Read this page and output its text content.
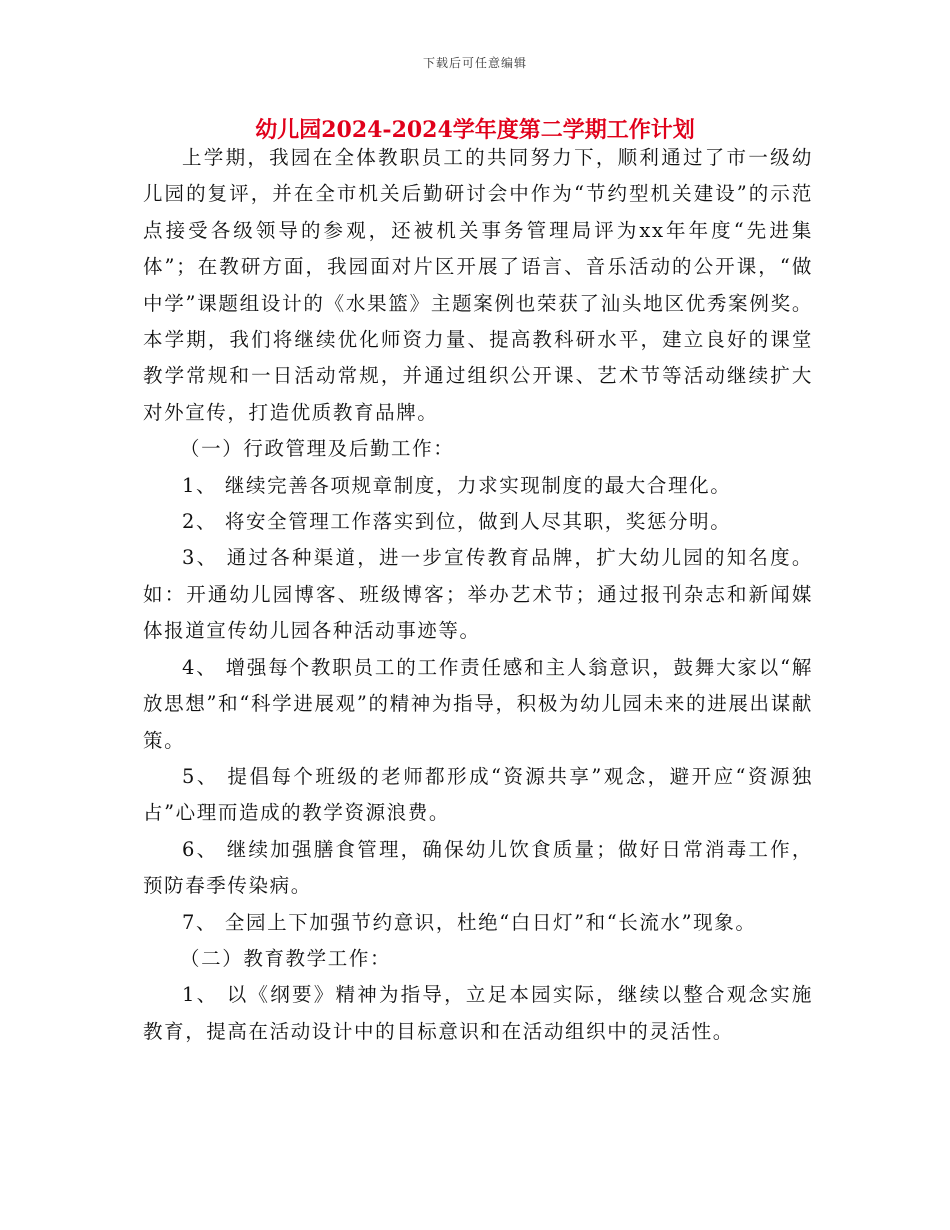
下载后可任意编辑
幼儿园2024-2024学年度第二学期工作计划

上学期，我园在全体教职员工的共同努力下，顺利通过了市一级幼儿园的复评，并在全市机关后勤研讨会中作为“节约型机关建设”的示范点接受各级领导的参观，还被机关事务管理局评为xx年年度“先进集体”；在教研方面，我园面对片区开展了语言、音乐活动的公开课，“做中学”课题组设计的《水果篮》主题案例也荣获了汕头地区优秀案例奖。本学期，我们将继续优化师资力量、提高教科研水平，建立良好的课堂教学常规和一日活动常规，并通过组织公开课、艺术节等活动继续扩大对外宣传，打造优质教育品牌。

（一）行政管理及后勤工作：

1、 继续完善各项规章制度，力求实现制度的最大合理化。

2、 将安全管理工作落实到位，做到人尽其职，奖惩分明。

3、 通过各种渠道，进一步宣传教育品牌，扩大幼儿园的知名度。如：开通幼儿园博客、班级博客；举办艺术节；通过报刊杂志和新闻媒体报道宣传幼儿园各种活动事迹等。

4、 增强每个教职员工的工作责任感和主人翁意识，鼓舞大家以“解放思想”和“科学进展观”的精神为指导，积极为幼儿园未来的进展出谋献策。

5、 提倡每个班级的老师都形成“资源共享”观念，避开应“资源独占”心理而造成的教学资源浪费。

6、 继续加强膳食管理，确保幼儿饮食质量；做好日常消毒工作，预防春季传染病。

7、 全园上下加强节约意识，杜绝“白日灯”和“长流水”现象。

（二）教育教学工作：

1、 以《纲要》精神为指导，立足本园实际，继续以整合观念实施教育，提高在活动设计中的目标意识和在活动组织中的灵活性。
